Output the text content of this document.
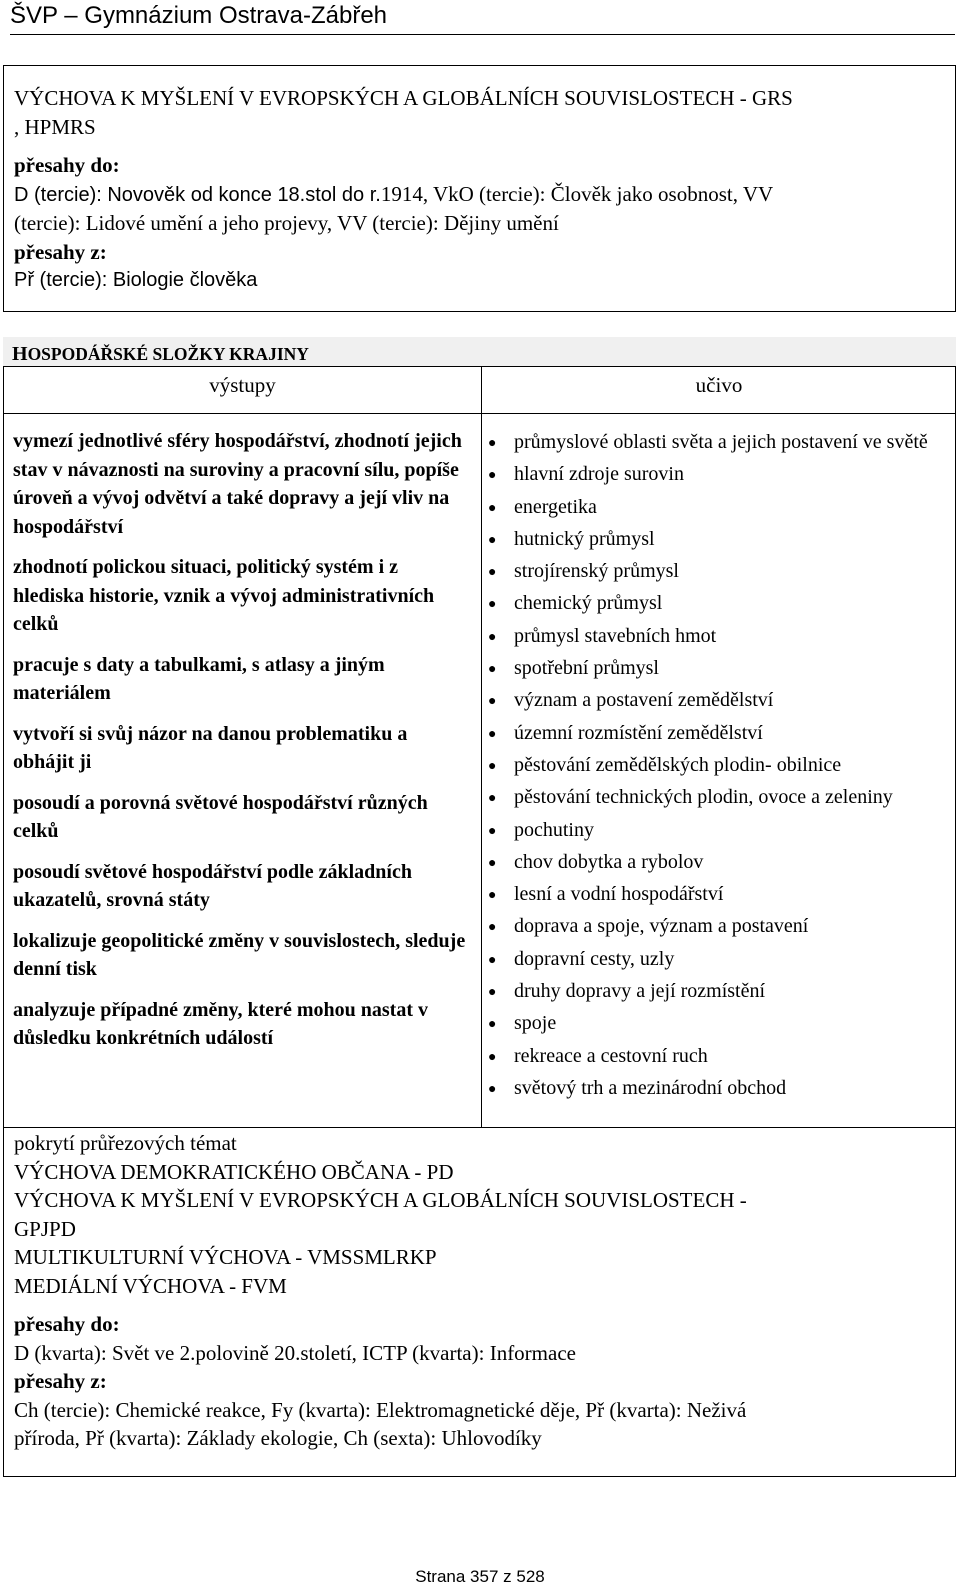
ŠVP – Gymnázium Ostrava-Zábřeh

VÝCHOVA K MYŠLENÍ V EVROPSKÝCH A GLOBÁLNÍCH SOUVISLOSTECH - GRS

, HPMRS

přesahy do:

D (tercie): Novověk od konce 18.stol do r.1914, VkO (tercie): Člověk jako osobnost, VV

(tercie): Lidové umění a jeho projevy, VV (tercie): Dějiny umění

přesahy z:

Př (tercie): Biologie člověka

HOSPODÁŘSKÉ SLOŽKY KRAJINY
výstupy	učivo

vymezí jednotlivé sféry hospodářství, zhodnotí jejich stav v návaznosti na suroviny a pracovní sílu, popíše úroveň a vývoj odvětví a také dopravy a její vliv na hospodářství

zhodnotí polickou situaci, politický systém i z hlediska historie, vznik a vývoj administrativních celků

pracuje s daty a tabulkami, s atlasy a jiným materiálem

vytvoří si svůj názor na danou problematiku a obhájit ji

posoudí a porovná světové hospodářství různých celků

posoudí světové hospodářství podle základních ukazatelů, srovná státy

lokalizuje geopolitické změny v souvislostech, sleduje denní tisk

analyzuje případné změny, které mohou nastat v důsledku konkrétních událostí

● průmyslové oblasti světa a jejich postavení ve světě
● hlavní zdroje surovin
● energetika
● hutnický průmysl
● strojírenský průmysl
● chemický průmysl
● průmysl stavebních hmot
● spotřební průmysl
● význam a postavení zemědělství
● územní rozmístění zemědělství
● pěstování zemědělských plodin- obilnice
● pěstování technických plodin, ovoce a zeleniny
● pochutiny
● chov dobytka a rybolov
● lesní a vodní hospodářství
● doprava a spoje, význam a postavení
● dopravní cesty, uzly
● druhy dopravy a její rozmístění
● spoje
● rekreace a cestovní ruch
● světový trh a mezinárodní obchod

pokrytí průřezových témat

VÝCHOVA DEMOKRATICKÉHO OBČANA - PD

VÝCHOVA K MYŠLENÍ V EVROPSKÝCH A GLOBÁLNÍCH SOUVISLOSTECH -

GPJPD

MULTIKULTURNÍ VÝCHOVA - VMSSMLRKP

MEDIÁLNÍ VÝCHOVA - FVM

přesahy do:

D (kvarta): Svět ve 2.polovině 20.století, ICTP (kvarta): Informace

přesahy z:

Ch (tercie): Chemické reakce, Fy (kvarta): Elektromagnetické děje, Př (kvarta): Neživá

příroda, Př (kvarta): Základy ekologie, Ch (sexta): Uhlovodíky

Strana 357 z 528
